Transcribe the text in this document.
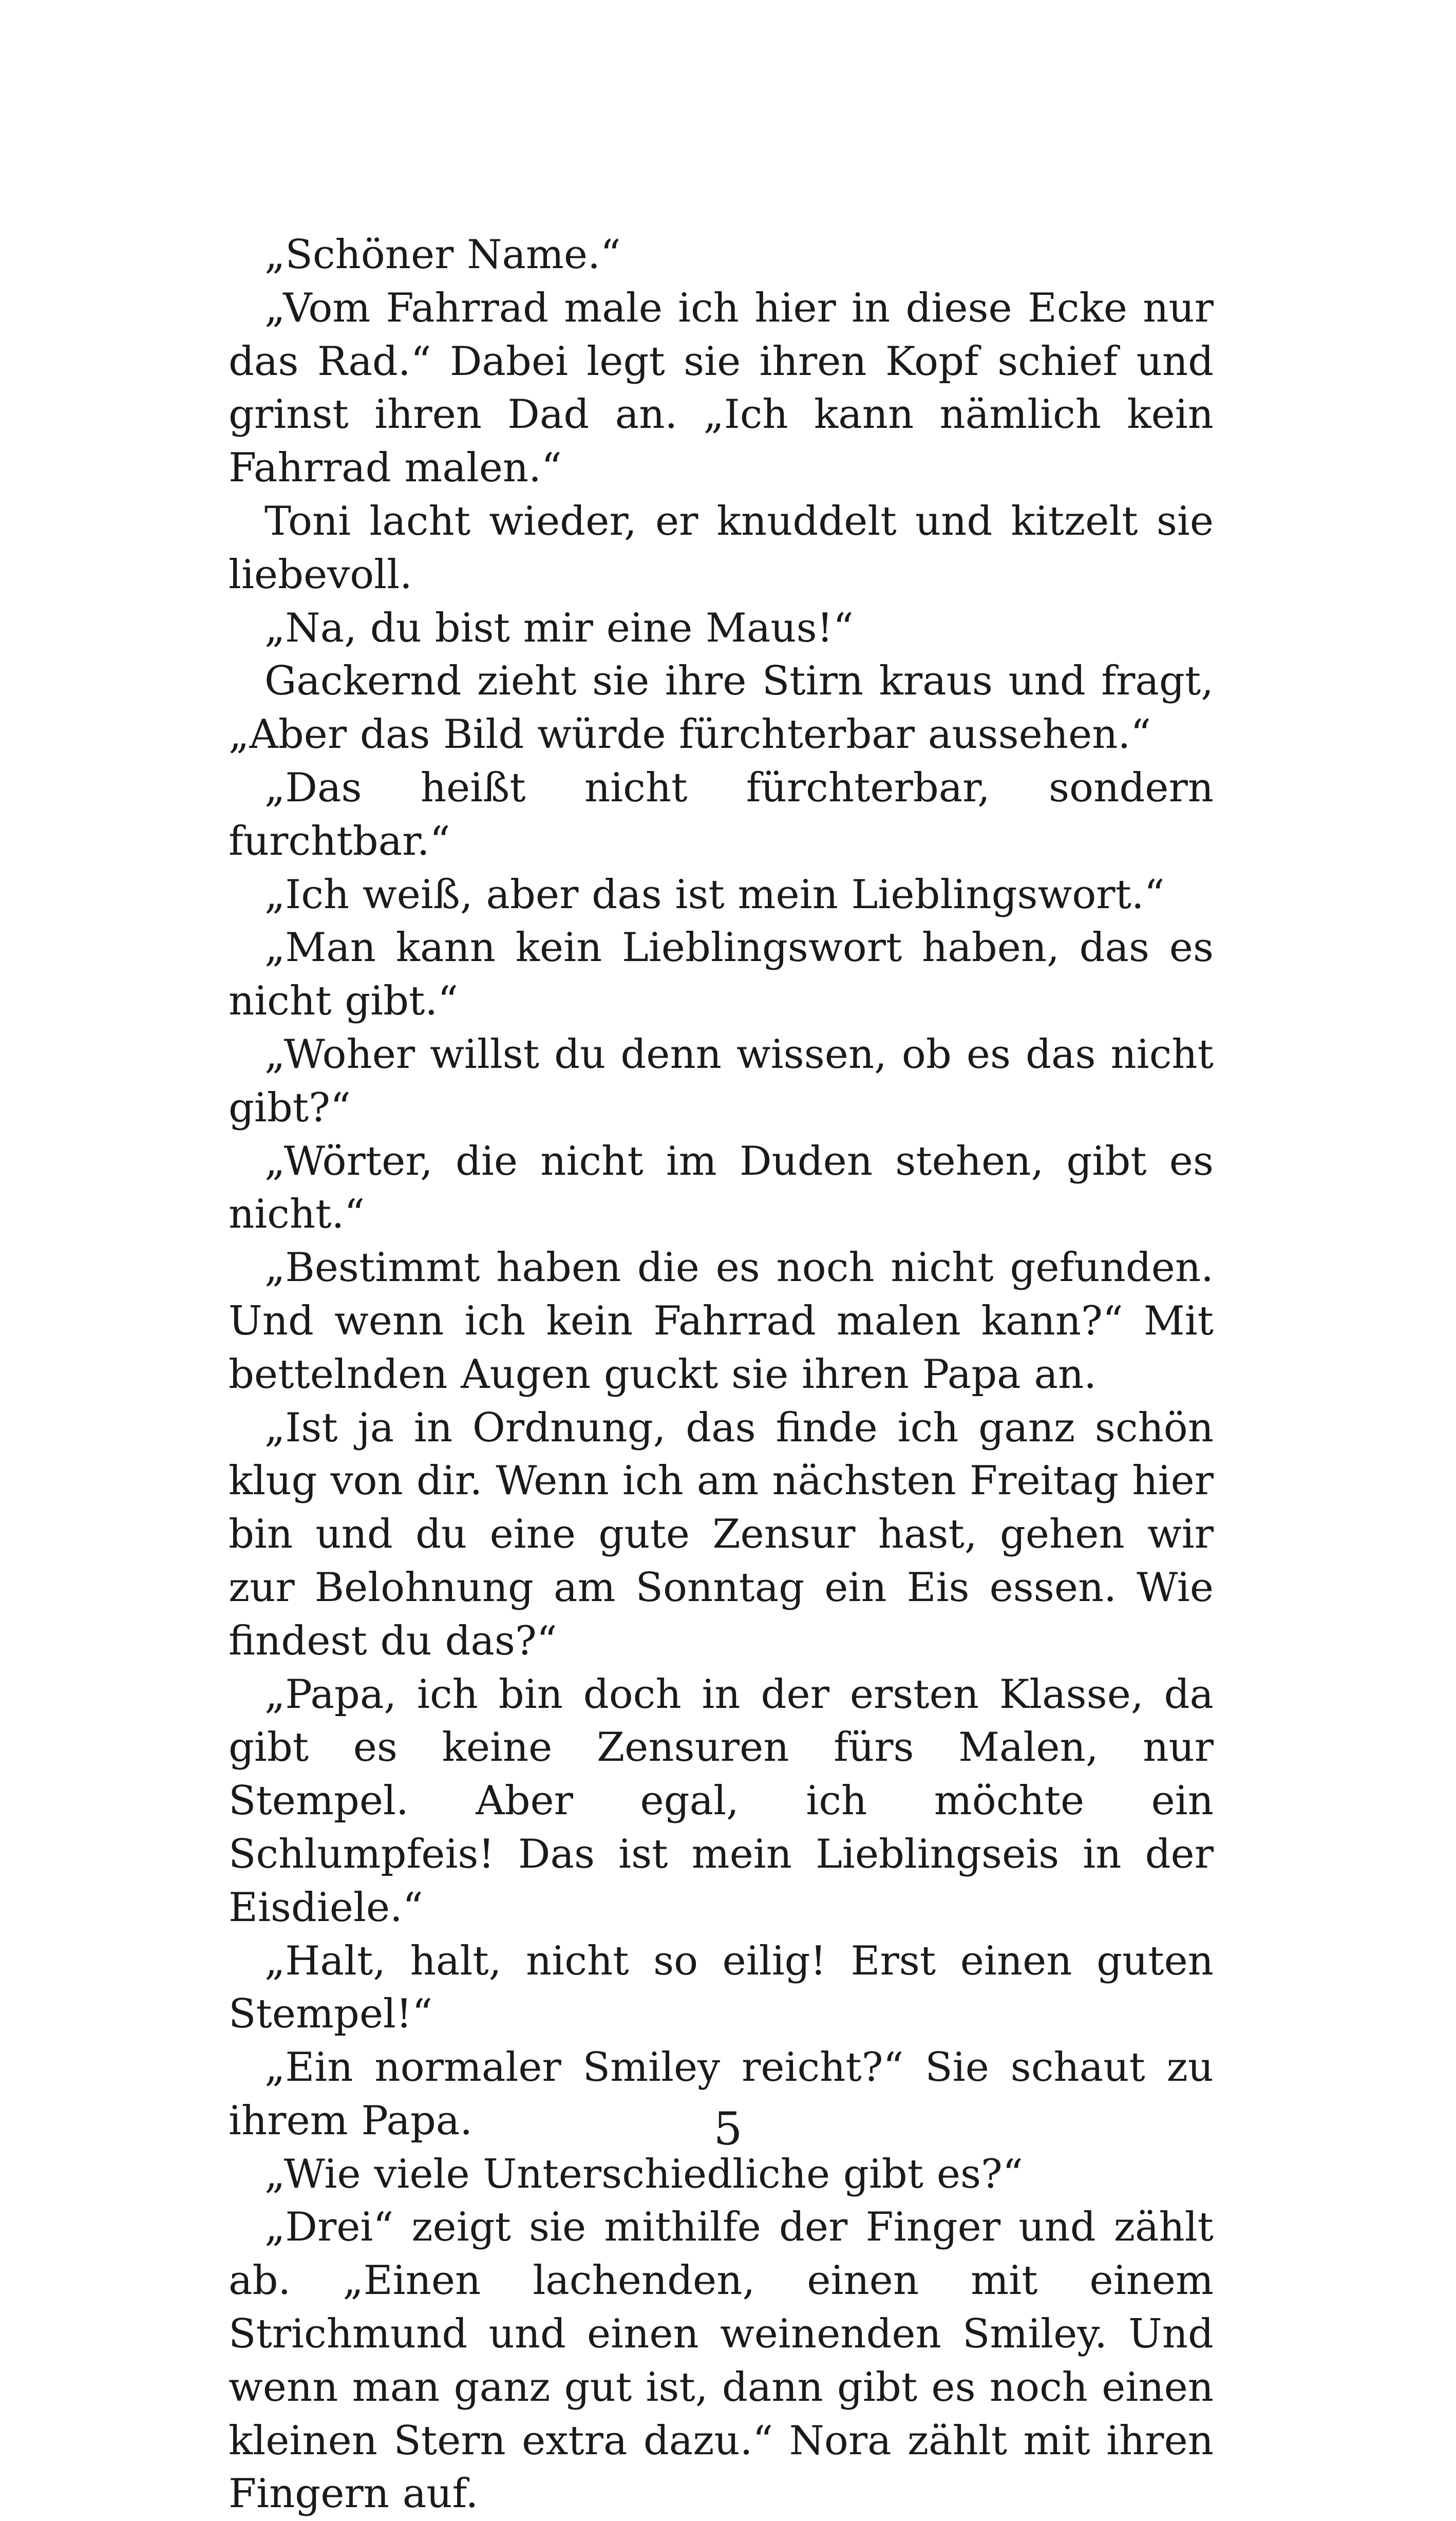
„Schöner Name.“

„Vom Fahrrad male ich hier in diese Ecke nur das Rad.“ Dabei legt sie ihren Kopf schief und grinst ihren Dad an. „Ich kann nämlich kein Fahrrad malen.“

Toni lacht wieder, er knuddelt und kitzelt sie liebevoll.

„Na, du bist mir eine Maus!“

Gackernd zieht sie ihre Stirn kraus und fragt, „Aber das Bild würde fürchterbar aussehen.“

„Das heißt nicht fürchterbar, sondern furchtbar.“

„Ich weiß, aber das ist mein Lieblingswort.“

„Man kann kein Lieblingswort haben, das es nicht gibt.“

„Woher willst du denn wissen, ob es das nicht gibt?“

„Wörter, die nicht im Duden stehen, gibt es nicht.“

„Bestimmt haben die es noch nicht gefunden. Und wenn ich kein Fahrrad malen kann?“ Mit bettelnden Augen guckt sie ihren Papa an.

„Ist ja in Ordnung, das finde ich ganz schön klug von dir. Wenn ich am nächsten Freitag hier bin und du eine gute Zensur hast, gehen wir zur Belohnung am Sonntag ein Eis essen. Wie findest du das?“

„Papa, ich bin doch in der ersten Klasse, da gibt es keine Zensuren fürs Malen, nur Stempel. Aber egal, ich möchte ein Schlumpfeis! Das ist mein Lieblingseis in der Eisdiele.“

„Halt, halt, nicht so eilig! Erst einen guten Stempel!“

„Ein normaler Smiley reicht?“ Sie schaut zu ihrem Papa.

„Wie viele Unterschiedliche gibt es?“

„Drei“ zeigt sie mithilfe der Finger und zählt ab. „Einen lachenden, einen mit einem Strichmund und einen weinenden Smiley. Und wenn man ganz gut ist, dann gibt es noch einen kleinen Stern extra dazu.“ Nora zählt mit ihren Fingern auf.

5
